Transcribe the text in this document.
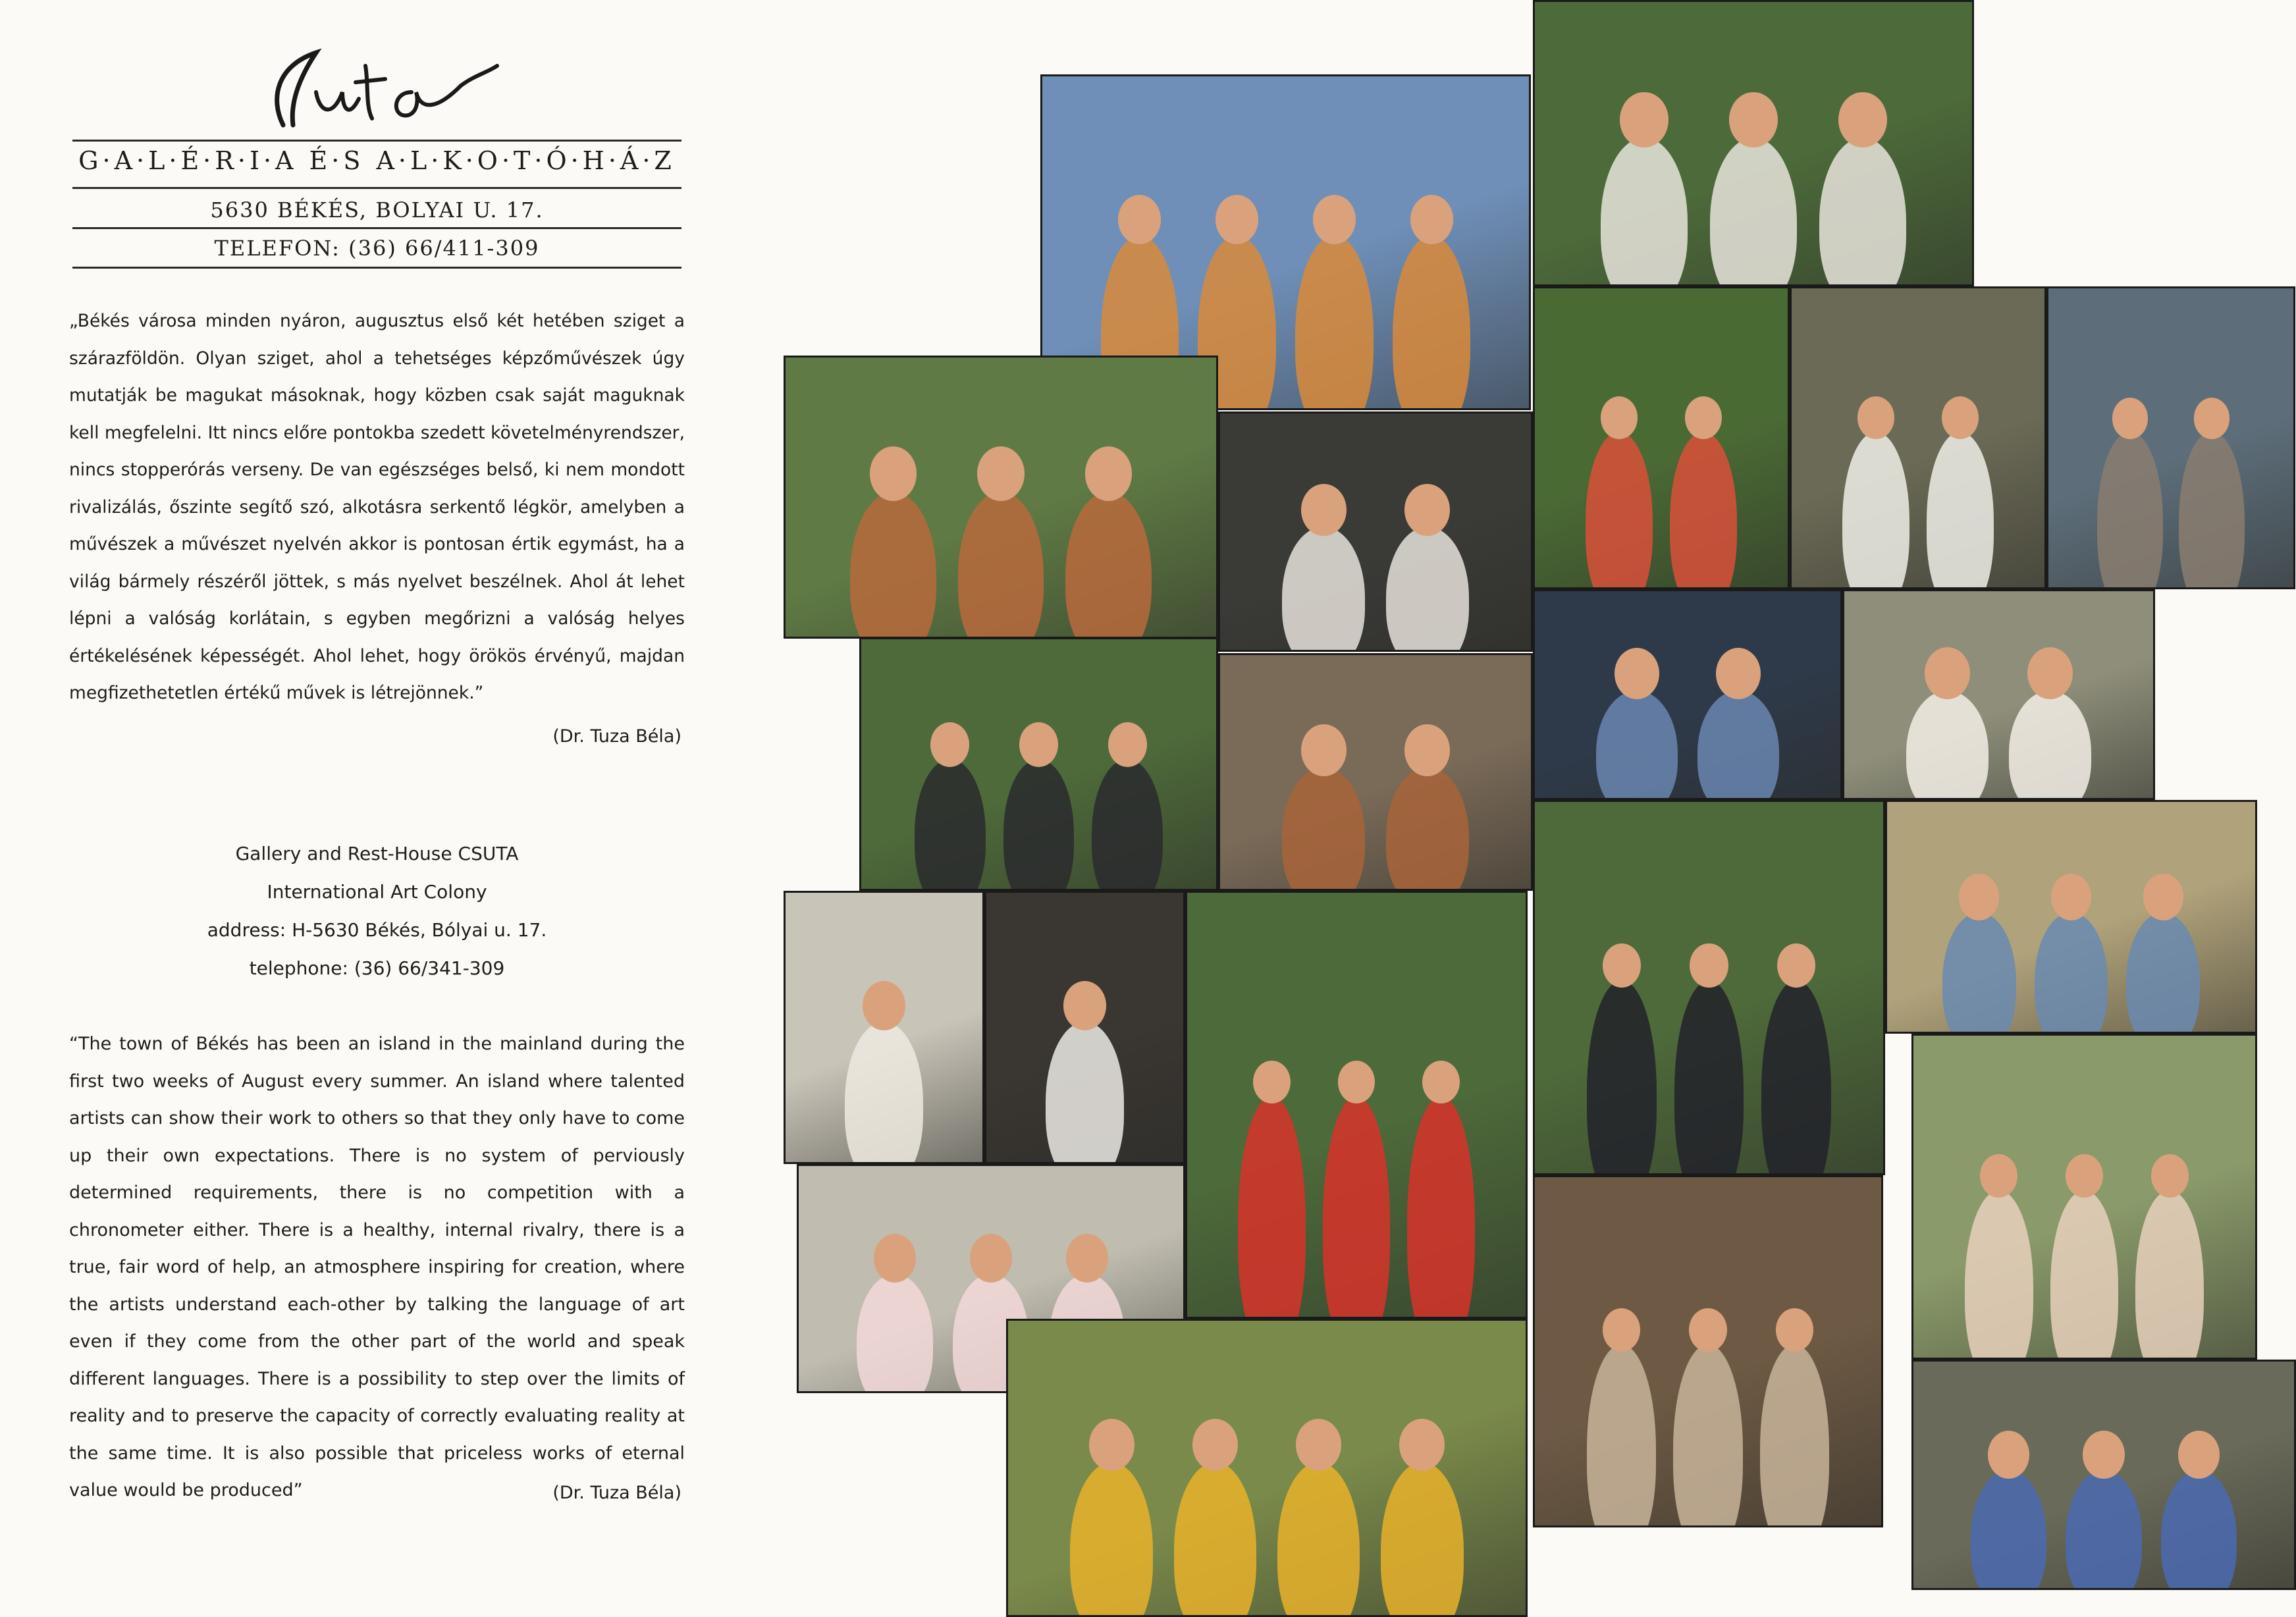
G·A·L·É·R·I·A É·S A·L·K·O·T·Ó·H·Á·Z
5630 BÉKÉS, BOLYAI U. 17.
TELEFON: (36) 66/411-309
„Békés városa minden nyáron, augusztus első két hetében sziget a szárazföldön. Olyan sziget, ahol a tehetséges képzőművészek úgy mutatják be magukat másoknak, hogy közben csak saját maguknak kell megfelelni. Itt nincs előre pontokba szedett követelményrendszer, nincs stopperórás verseny. De van egészséges belső, ki nem mondott rivalizálás, őszinte segítő szó, alkotásra serkentő légkör, amelyben a művészek a művészet nyelvén akkor is pontosan értik egymást, ha a világ bármely részéről jöttek, s más nyelvet beszélnek. Ahol át lehet lépni a valóság korlátain, s egyben megőrizni a valóság helyes értékelésének képességét. Ahol lehet, hogy örökös érvényű, majdan megfizethetetlen értékű művek is létrejönnek.”
(Dr. Tuza Béla)
Gallery and Rest-House CSUTA
International Art Colony
address: H-5630 Békés, Bólyai u. 17.
telephone: (36) 66/341-309
“The town of Békés has been an island in the mainland during the first two weeks of August every summer. An island where talented artists can show their work to others so that they only have to come up their own expectations. There is no system of perviously determined requirements, there is no competition with a chronometer either. There is a healthy, internal rivalry, there is a true, fair word of help, an atmosphere inspiring for creation, where the artists understand each-other by talking the language of art even if they come from the other part of the world and speak different languages. There is a possibility to step over the limits of reality and to preserve the capacity of correctly evaluating reality at the same time. It is also possible that priceless works of eternal value would be produced”	(Dr. Tuza Béla)
